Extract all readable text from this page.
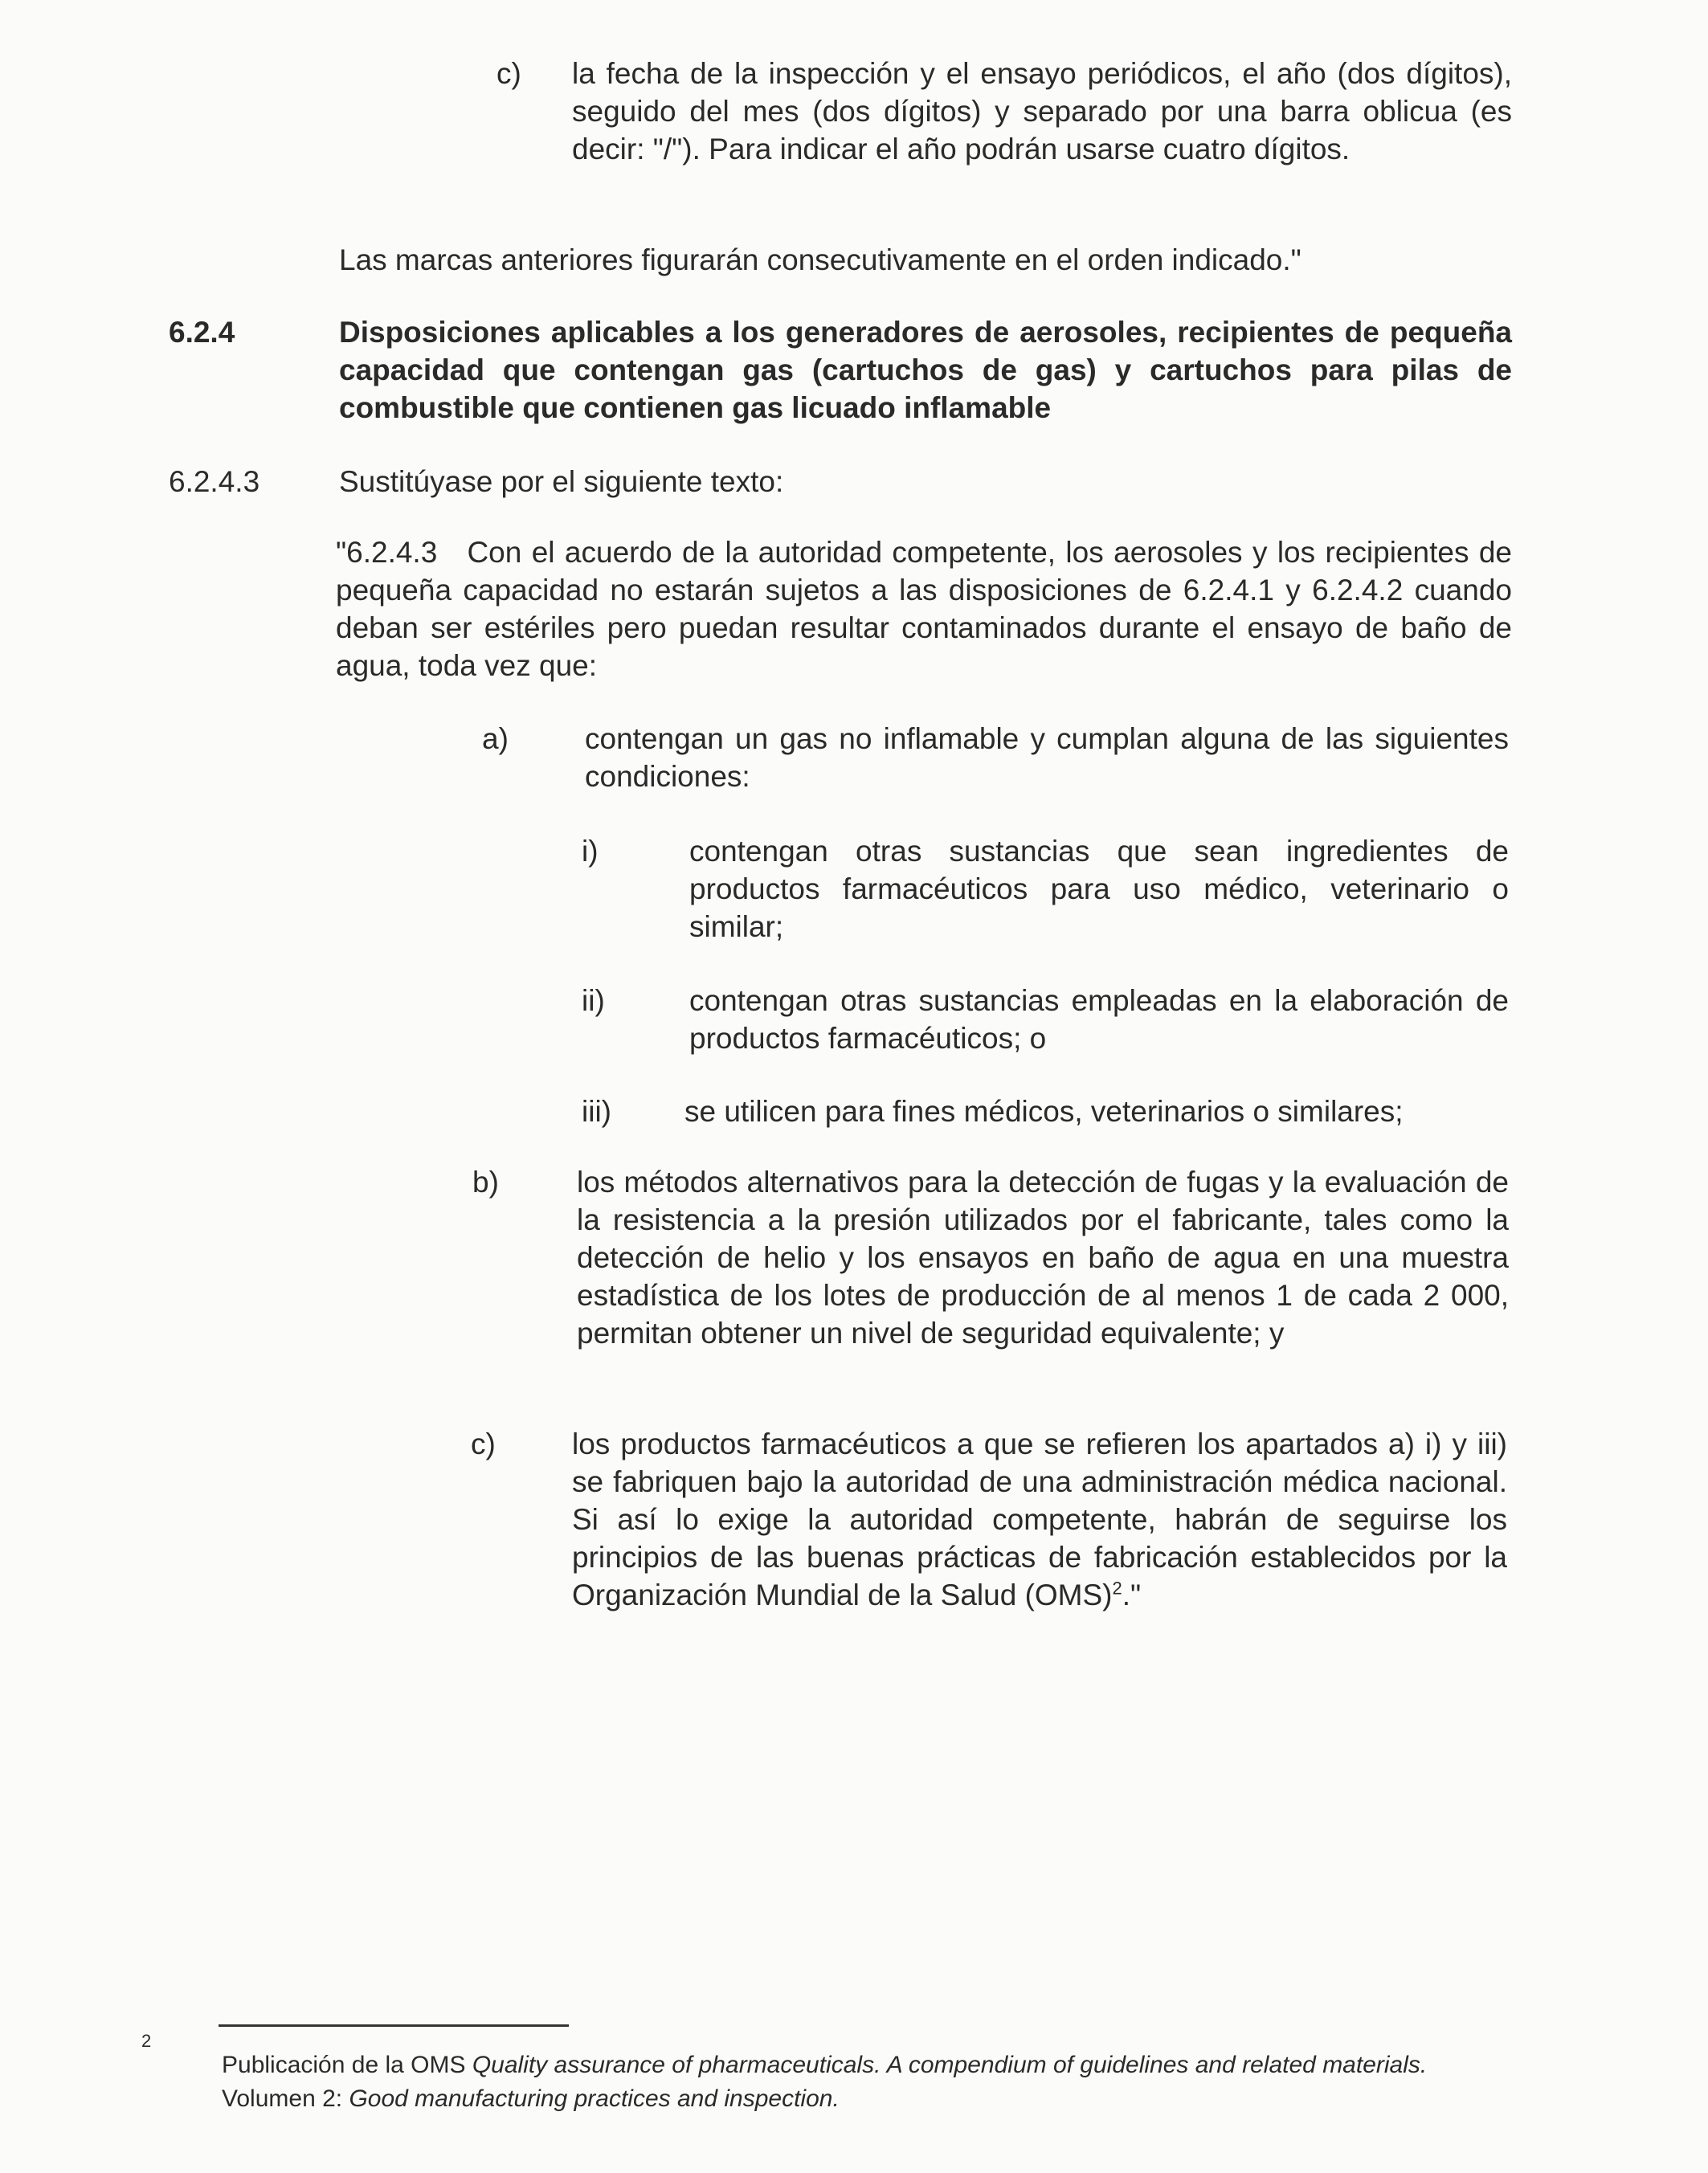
c) la fecha de la inspección y el ensayo periódicos, el año (dos dígitos), seguido del mes (dos dígitos) y separado por una barra oblicua (es decir: "/"). Para indicar el año podrán usarse cuatro dígitos.
Las marcas anteriores figurarán consecutivamente en el orden indicado."
6.2.4	Disposiciones aplicables a los generadores de aerosoles, recipientes de pequeña capacidad que contengan gas (cartuchos de gas) y cartuchos para pilas de combustible que contienen gas licuado inflamable
6.2.4.3	Sustitúyase por el siguiente texto:
"6.2.4.3   Con el acuerdo de la autoridad competente, los aerosoles y los recipientes de pequeña capacidad no estarán sujetos a las disposiciones de 6.2.4.1 y 6.2.4.2 cuando deban ser estériles pero puedan resultar contaminados durante el ensayo de baño de agua, toda vez que:
a)	contengan un gas no inflamable y cumplan alguna de las siguientes condiciones:
i)	contengan otras sustancias que sean ingredientes de productos farmacéuticos para uso médico, veterinario o similar;
ii)	contengan otras sustancias empleadas en la elaboración de productos farmacéuticos; o
iii) se utilicen para fines médicos, veterinarios o similares;
b)	los métodos alternativos para la detección de fugas y la evaluación de la resistencia a la presión utilizados por el fabricante, tales como la detección de helio y los ensayos en baño de agua en una muestra estadística de los lotes de producción de al menos 1 de cada 2 000, permitan obtener un nivel de seguridad equivalente; y
c)	los productos farmacéuticos a que se refieren los apartados a) i) y iii) se fabriquen bajo la autoridad de una administración médica nacional. Si así lo exige la autoridad competente, habrán de seguirse los principios de las buenas prácticas de fabricación establecidos por la Organización Mundial de la Salud (OMS)$^2$."
2
Publicación de la OMS Quality assurance of pharmaceuticals. A compendium of guidelines and related materials. Volumen 2: Good manufacturing practices and inspection.
